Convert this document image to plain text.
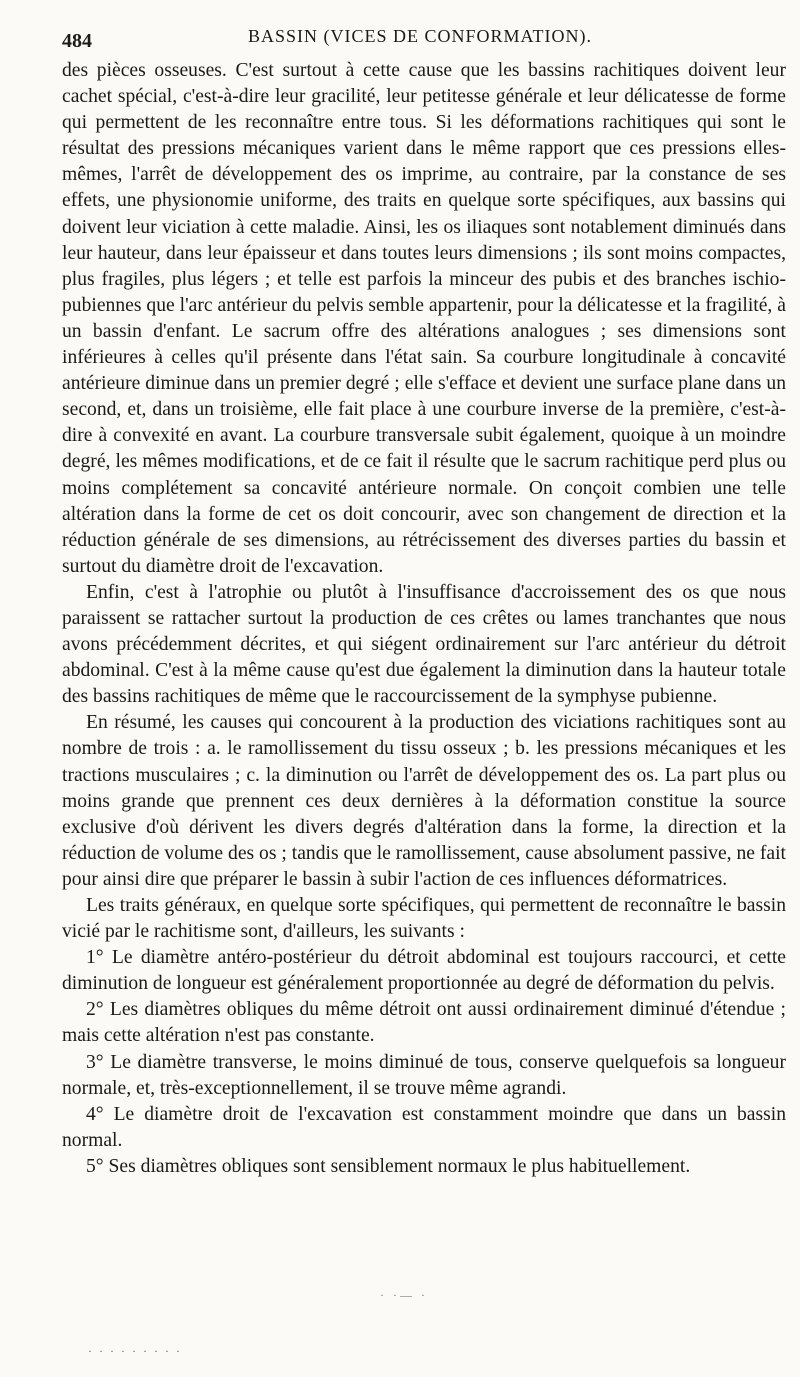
484	BASSIN (VICES DE CONFORMATION).

des pièces osseuses. C'est surtout à cette cause que les bassins rachitiques doivent leur cachet spécial, c'est-à-dire leur gracilité, leur petitesse générale et leur délicatesse de forme qui permettent de les reconnaître entre tous. Si les déformations rachitiques qui sont le résultat des pressions mécaniques varient dans le même rapport que ces pressions elles-mêmes, l'arrêt de développement des os imprime, au contraire, par la constance de ses effets, une physionomie uniforme, des traits en quelque sorte spécifiques, aux bassins qui doivent leur viciation à cette maladie. Ainsi, les os iliaques sont notablement diminués dans leur hauteur, dans leur épaisseur et dans toutes leurs dimensions ; ils sont moins compactes, plus fragiles, plus légers ; et telle est parfois la minceur des pubis et des branches ischio-pubiennes que l'arc antérieur du pelvis semble appartenir, pour la délicatesse et la fragilité, à un bassin d'enfant. Le sacrum offre des altérations analogues ; ses dimensions sont inférieures à celles qu'il présente dans l'état sain. Sa courbure longitudinale à concavité antérieure diminue dans un premier degré ; elle s'efface et devient une surface plane dans un second, et, dans un troisième, elle fait place à une courbure inverse de la première, c'est-à-dire à convexité en avant. La courbure transversale subit également, quoique à un moindre degré, les mêmes modifications, et de ce fait il résulte que le sacrum rachitique perd plus ou moins complétement sa concavité antérieure normale. On conçoit combien une telle altération dans la forme de cet os doit concourir, avec son changement de direction et la réduction générale de ses dimensions, au rétrécissement des diverses parties du bassin et surtout du diamètre droit de l'excavation.

Enfin, c'est à l'atrophie ou plutôt à l'insuffisance d'accroissement des os que nous paraissent se rattacher surtout la production de ces crêtes ou lames tranchantes que nous avons précédemment décrites, et qui siégent ordinairement sur l'arc antérieur du détroit abdominal. C'est à la même cause qu'est due également la diminution dans la hauteur totale des bassins rachitiques de même que le raccourcissement de la symphyse pubienne.

En résumé, les causes qui concourent à la production des viciations rachitiques sont au nombre de trois : a. le ramollissement du tissu osseux ; b. les pressions mécaniques et les tractions musculaires ; c. la diminution ou l'arrêt de développement des os. La part plus ou moins grande que prennent ces deux dernières à la déformation constitue la source exclusive d'où dérivent les divers degrés d'altération dans la forme, la direction et la réduction de volume des os ; tandis que le ramollissement, cause absolument passive, ne fait pour ainsi dire que préparer le bassin à subir l'action de ces influences déformatrices.

Les traits généraux, en quelque sorte spécifiques, qui permettent de reconnaître le bassin vicié par le rachitisme sont, d'ailleurs, les suivants :

1° Le diamètre antéro-postérieur du détroit abdominal est toujours raccourci, et cette diminution de longueur est généralement proportionnée au degré de déformation du pelvis.

2° Les diamètres obliques du même détroit ont aussi ordinairement diminué d'étendue ; mais cette altération n'est pas constante.

3° Le diamètre transverse, le moins diminué de tous, conserve quelquefois sa longueur normale, et, très-exceptionnellement, il se trouve même agrandi.

4° Le diamètre droit de l'excavation est constamment moindre que dans un bassin normal.

5° Ses diamètres obliques sont sensiblement normaux le plus habituellement.

· ·— ·
· · · · · · · · ·
